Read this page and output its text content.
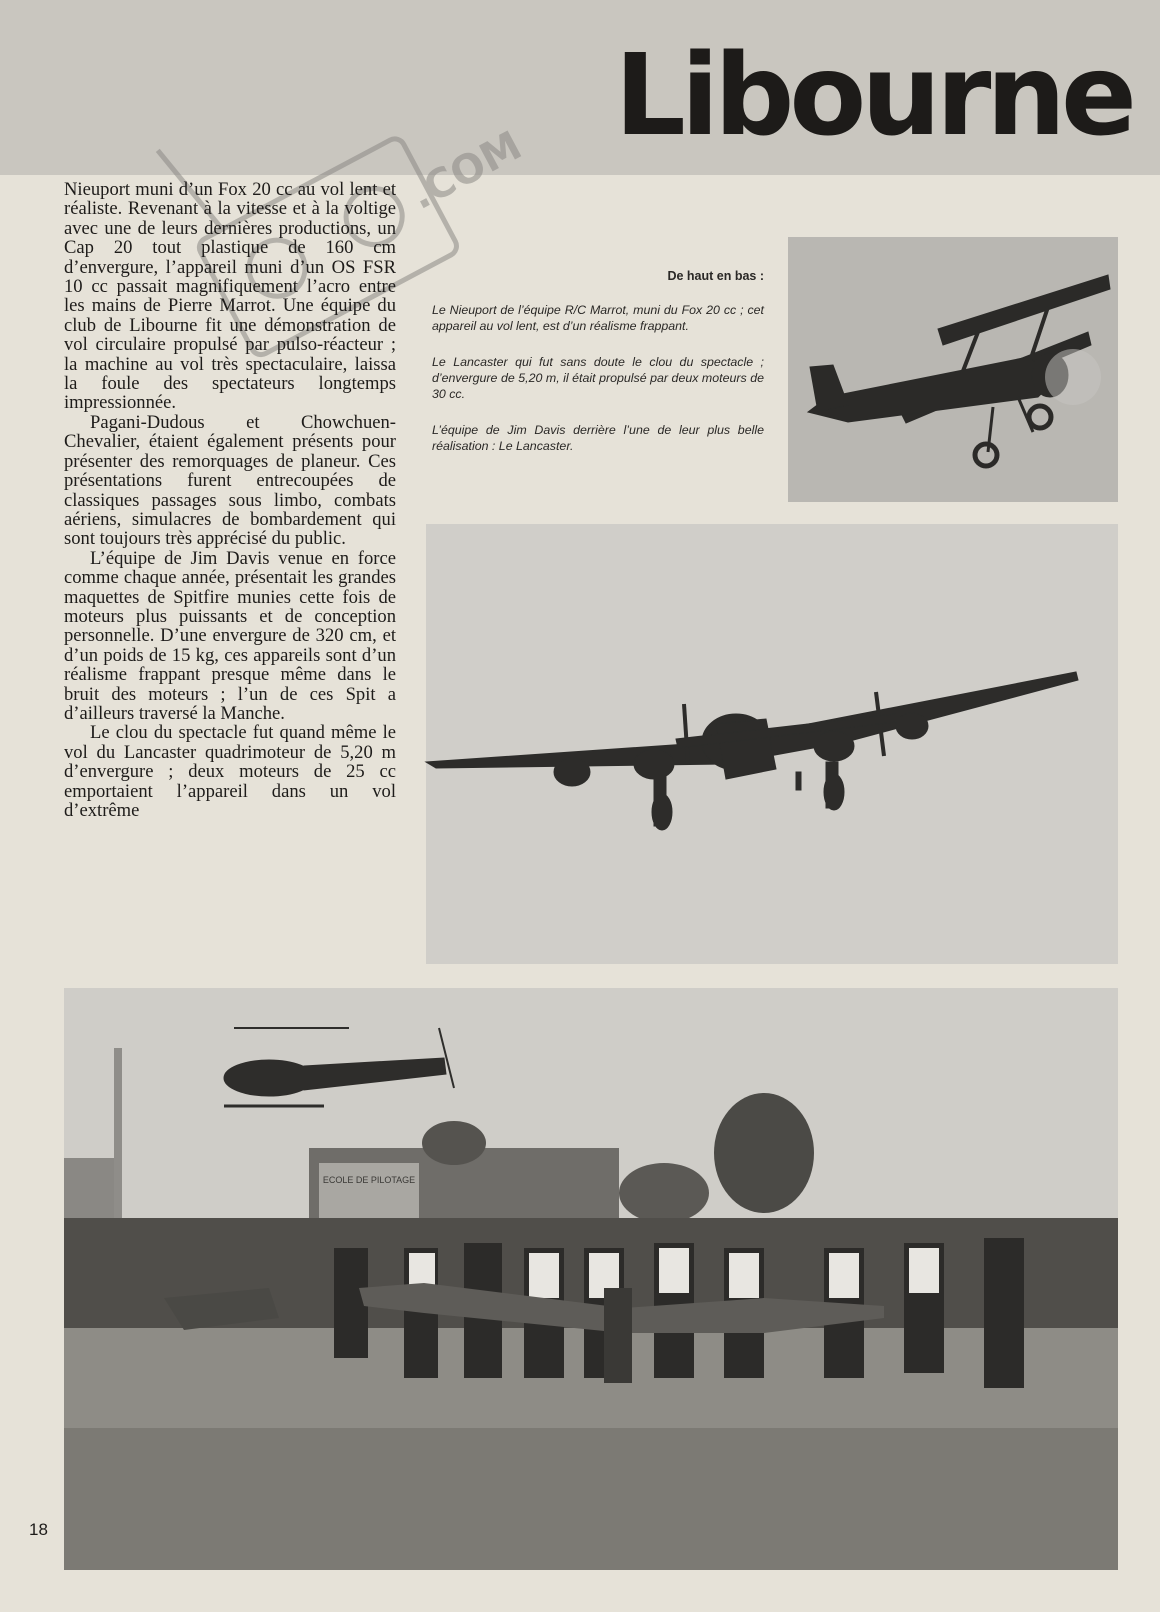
Libourne
.COM

Nieuport muni d’un Fox 20 cc au vol lent et réaliste. Revenant à la vitesse et à la voltige avec une de leurs dernières productions, un Cap 20 tout plastique de 160 cm d’envergure, l’appareil muni d’un OS FSR 10 cc passait magnifiquement l’acro entre les mains de Pierre Marrot. Une équipe du club de Libourne fit une démonstration de vol circulaire propulsé par pulso-réacteur ; la machine au vol très spectaculaire, laissa la foule des spectateurs longtemps impressionnée.

Pagani-Dudous et Chowchuen-Chevalier, étaient également présents pour présenter des remorquages de planeur. Ces présentations furent entrecoupées de classiques passages sous limbo, combats aériens, simulacres de bombardement qui sont toujours très apprécisé du public.

L’équipe de Jim Davis venue en force comme chaque année, présentait les grandes maquettes de Spitfire munies cette fois de moteurs plus puissants et de conception personnelle. D’une envergure de 320 cm, et d’un poids de 15 kg, ces appareils sont d’un réalisme frappant presque même dans le bruit des moteurs ; l’un de ces Spit a d’ailleurs traversé la Manche.

Le clou du spectacle fut quand même le vol du Lancaster quadrimoteur de 5,20 m d’envergure ; deux moteurs de 25 cc emportaient l’appareil dans un vol d’extrême

De haut en bas :

Le Nieuport de l’équipe R/C Marrot, muni du Fox 20 cc ; cet appareil au vol lent, est d’un réalisme frappant.

Le Lancaster qui fut sans doute le clou du spectacle ; d’envergure de 5,20 m, il était propulsé par deux moteurs de 30 cc.

L’équipe de Jim Davis derrière l’une de leur plus belle réalisation : Le Lancaster.

ECOLE DE PILOTAGE
18
